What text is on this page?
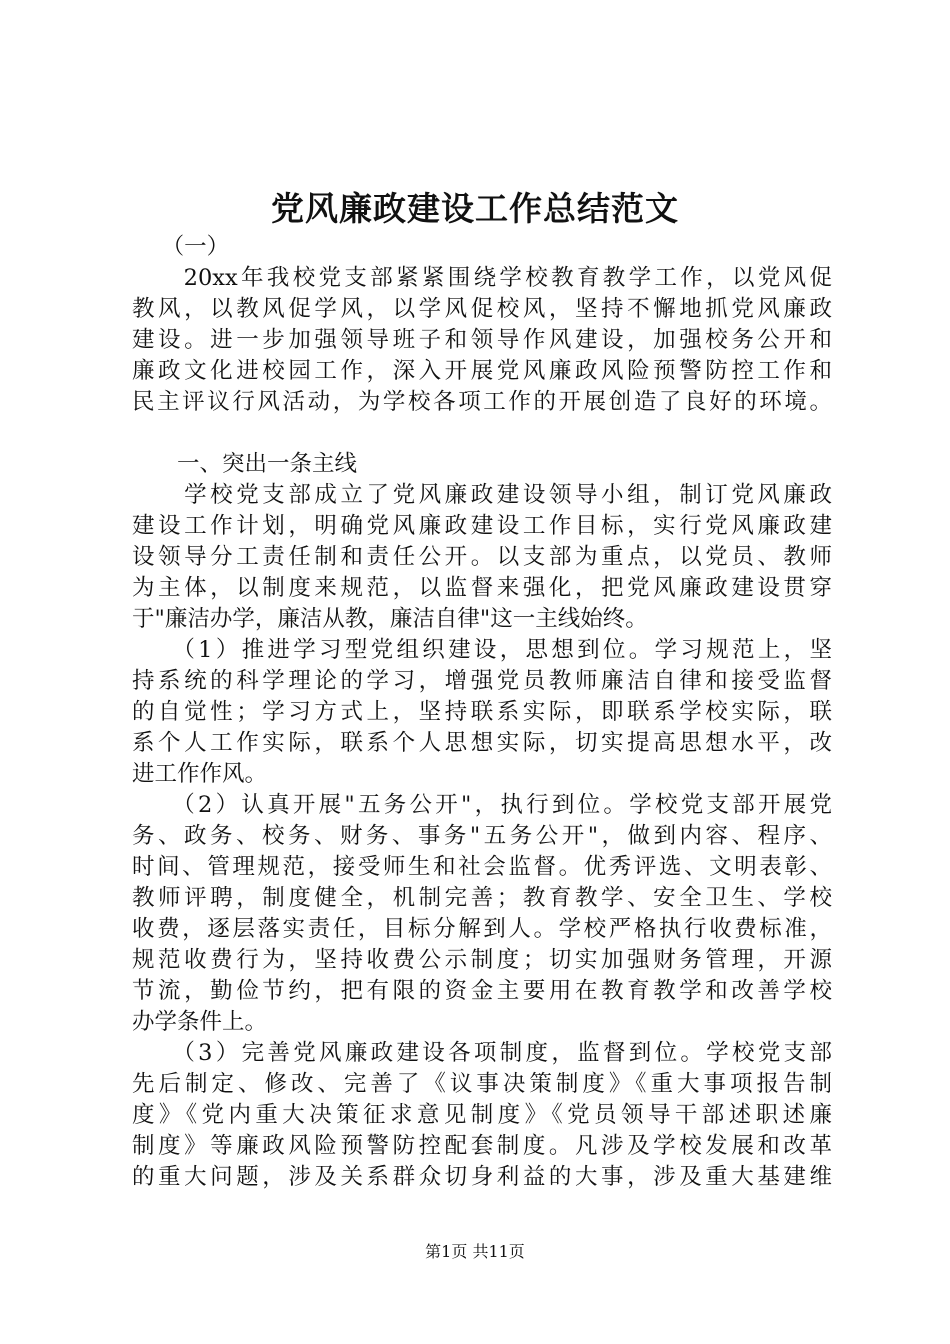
党风廉政建设工作总结范文
　 （一）
　　20xx年我校党支部紧紧围绕学校教育教学工作，以党风促
教风，以教风促学风，以学风促校风，坚持不懈地抓党风廉政
建设。进一步加强领导班子和领导作风建设，加强校务公开和
廉政文化进校园工作，深入开展党风廉政风险预警防控工作和
民主评议行风活动，为学校各项工作的开展创造了良好的环境。
　　一、突出一条主线
　　学校党支部成立了党风廉政建设领导小组，制订党风廉政
建设工作计划，明确党风廉政建设工作目标，实行党风廉政建
设领导分工责任制和责任公开。以支部为重点，以党员、教师
为主体，以制度来规范，以监督来强化，把党风廉政建设贯穿
于"廉洁办学，廉洁从教，廉洁自律"这一主线始终。
　　（1）推进学习型党组织建设，思想到位。学习规范上，坚
持系统的科学理论的学习，增强党员教师廉洁自律和接受监督
的自觉性；学习方式上，坚持联系实际，即联系学校实际，联
系个人工作实际，联系个人思想实际，切实提高思想水平，改
进工作作风。
　　（2）认真开展"五务公开"，执行到位。学校党支部开展党
务、政务、校务、财务、事务"五务公开"，做到内容、程序、
时间、管理规范，接受师生和社会监督。优秀评选、文明表彰、
教师评聘，制度健全，机制完善；教育教学、安全卫生、学校
收费，逐层落实责任，目标分解到人。学校严格执行收费标准，
规范收费行为，坚持收费公示制度；切实加强财务管理，开源
节流，勤俭节约，把有限的资金主要用在教育教学和改善学校
办学条件上。
　　（3）完善党风廉政建设各项制度，监督到位。学校党支部
先后制定、修改、完善了《议事决策制度》《重大事项报告制
度》《党内重大决策征求意见制度》《党员领导干部述职述廉
制度》等廉政风险预警防控配套制度。凡涉及学校发展和改革
的重大问题，涉及关系群众切身利益的大事，涉及重大基建维
第1页 共11页
